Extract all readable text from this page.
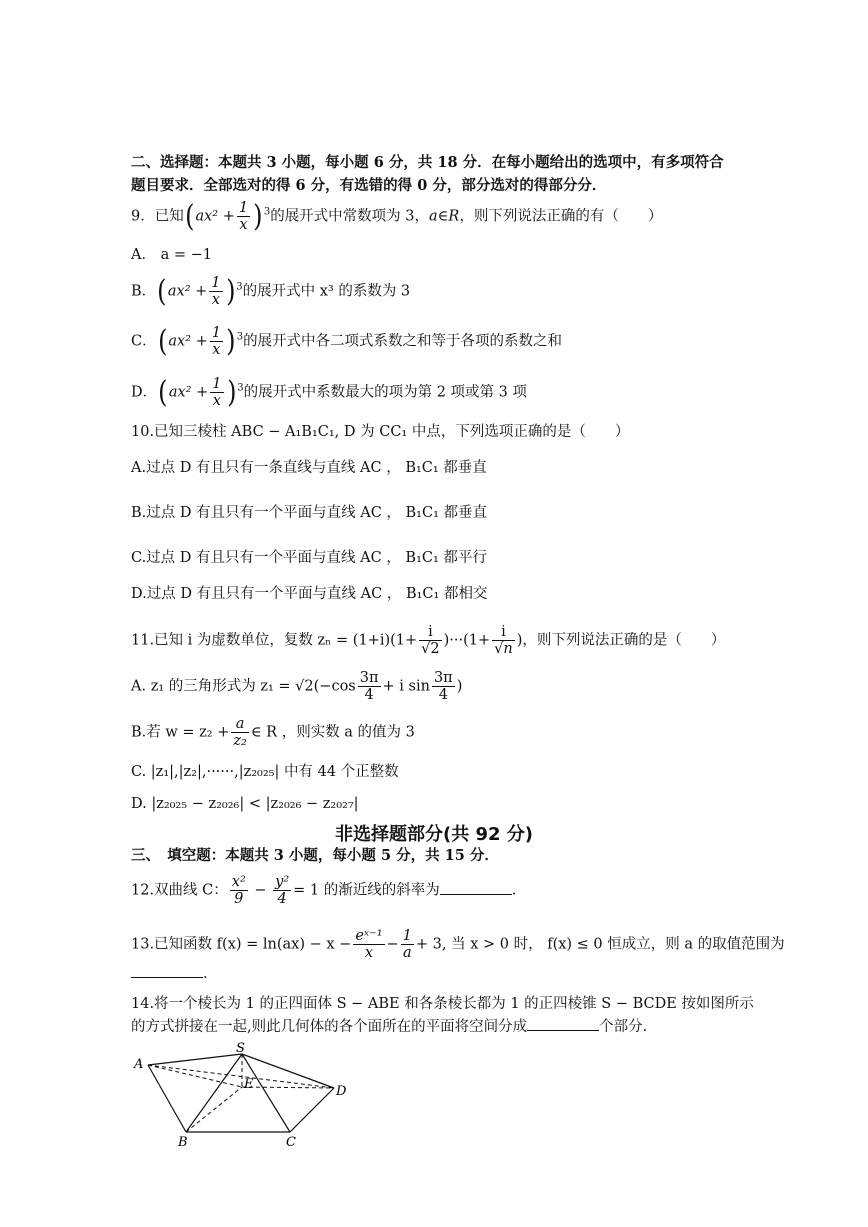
二、选择题：本题共 3 小题，每小题 6 分，共 18 分．在每小题给出的选项中，有多项符合
题目要求．全部选对的得 6 分，有选错的得 0 分，部分选对的得部分分．
9．已知$(ax^2 + \frac{1}{x} )^3$的展开式中常数项为 3，a∈R，则下列说法正确的有（　　）
A． a = −1
B．$(ax^2 + \frac{1}{x} )^3$的展开式中 x³ 的系数为 3
C．$(ax^2 + \frac{1}{x} )^3$的展开式中各二项式系数之和等于各项的系数之和
D．$(ax^2 + \frac{1}{x} )^3$的展开式中系数最大的项为第 2 项或第 3 项
10.已知三棱柱 ABC − A₁B₁C₁, D 为 CC₁ 中点，下列选项正确的是（　　）
A.过点 D 有且只有一条直线与直线 AC ， B₁C₁ 都垂直
B.过点 D 有且只有一个平面与直线 AC ， B₁C₁ 都垂直
C.过点 D 有且只有一个平面与直线 AC ， B₁C₁ 都平行
D.过点 D 有且只有一个平面与直线 AC ， B₁C₁ 都相交
11.已知 i 为虚数单位，复数 $z_n = (1+i)(1+ \frac{i}{√2} )\cdot\cdot\cdot(1+ \frac{i}{√n}$ )，则下列说法正确的是（　　）
A. z₁ 的三角形式为 $z_1 = √2(-\cos \frac{3\pi}{4} + i$ $\sin \frac{3\pi}{4}$ )
B.若 $w = z_2 + \frac{a}{\text{z₂}}$ ∈ R ，则实数 a 的值为 3
C. |z₁|,|z₂|,······,|z₂₀₂₅| 中有 44 个正整数
D. |z₂₀₂₅ − z₂₀₂₆| < |z₂₀₂₆ − z₂₀₂₇|
非选择题部分(共 92 分)
三、　填空题：本题共 3 小题，每小题 5 分，共 15 分．
12.双曲线 C： $\frac{\text{x²}}{9} - \frac{\text{y²}}{4} = 1$ 的渐近线的斜率为	.
13.已知函数 $f(x) = \ln(ax) - x - \frac{\text{eˣ⁻¹}}{x} - \frac{1}{a} + 3$, 当 x > 0 时， f(x) ≤ 0 恒成立，则 a 的取值范围为
.
14.将一个棱长为 1 的正四面体 S − ABE 和各条棱长都为 1 的正四棱锥 S − BCDE 按如图所示
的方式拼接在一起,则此几何体的各个面所在的平面将空间分成	个部分.
A
S
E	D
B	C
